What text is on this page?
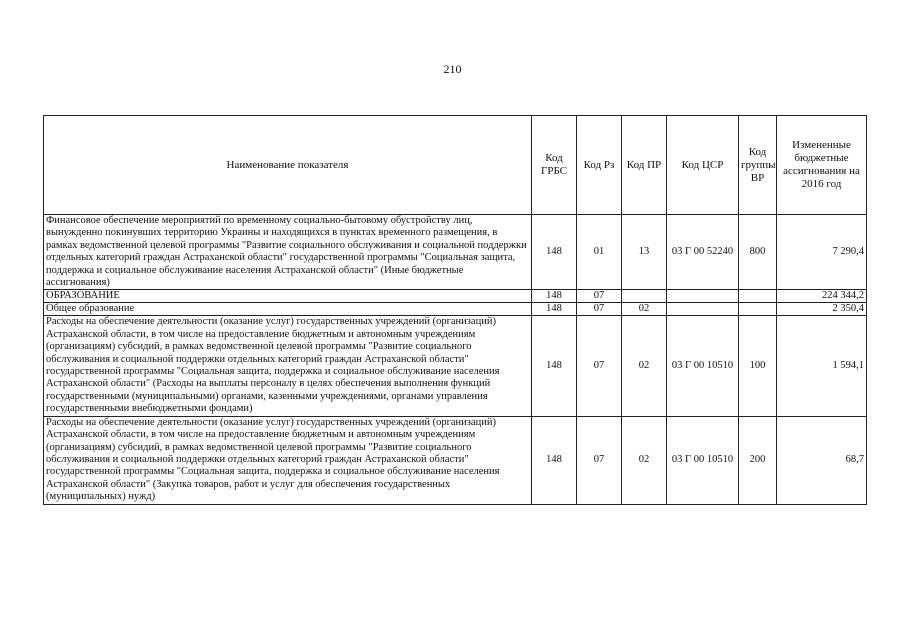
210
Наименование показателя	Код ГРБС	Код Рз	Код ПР	Код ЦСР	Код группы ВР	Измененные бюджетные ассигнования на 2016 год
Финансовое обеспечение мероприятий по временному социально-бытовому обустройству лиц, вынужденно покинувших территорию Украины и находящихся в пунктах временного размещения, в рамках ведомственной целевой программы "Развитие социального обслуживания и социальной поддержки отдельных категорий граждан Астраханской области" государственной программы "Социальная защита, поддержка и социальное обслуживание населения Астраханской области" (Иные бюджетные ассигнования)	148	01	13	03 Г 00 52240	800	7 290,4
ОБРАЗОВАНИЕ	148	07				224 344,2
Общее образование	148	07	02			2 350,4
Расходы на обеспечение деятельности (оказание услуг) государственных учреждений (организаций) Астраханской области, в том числе на предоставление бюджетным и автономным учреждениям (организациям) субсидий, в рамках ведомственной целевой программы "Развитие социального обслуживания и социальной поддержки отдельных категорий граждан Астраханской области" государственной программы "Социальная защита, поддержка и социальное обслуживание населения Астраханской области" (Расходы на выплаты персоналу в целях обеспечения выполнения функций государственными (муниципальными) органами, казенными учреждениями, органами управления государственными внебюджетными фондами)	148	07	02	03 Г 00 10510	100	1 594,1
Расходы на обеспечение деятельности (оказание услуг) государственных учреждений (организаций) Астраханской области, в том числе на предоставление бюджетным и автономным учреждениям (организациям) субсидий, в рамках ведомственной целевой программы "Развитие социального обслуживания и социальной поддержки отдельных категорий граждан Астраханской области" государственной программы "Социальная защита, поддержка и социальное обслуживание населения Астраханской области" (Закупка товаров, работ и услуг для обеспечения государственных (муниципальных) нужд)	148	07	02	03 Г 00 10510	200	68,7
